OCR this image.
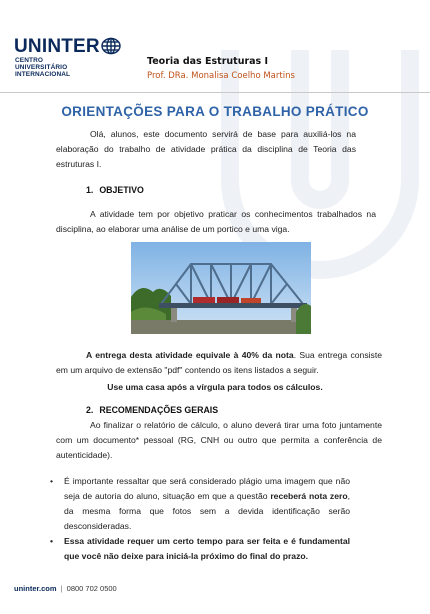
UNINTER
CENTRO
UNIVERSITÁRIO
INTERNACIONAL
Teoria das Estruturas I
Prof. DRa. Monalisa Coelho Martins
ORIENTAÇÕES PARA O TRABALHO PRÁTICO
Olá, alunos, este documento servirá de base para auxiliá-los na elaboração do trabalho de atividade prática da disciplina de Teoria das estruturas I.
1. OBJETIVO
A atividade tem por objetivo praticar os conhecimentos trabalhados na disciplina, ao elaborar uma análise de um portico e uma viga.
A entrega desta atividade equivale à 40% da nota. Sua entrega consiste em um arquivo de extensão "pdf" contendo os itens listados a seguir.
Use uma casa após a vírgula para todos os cálculos.
2. RECOMENDAÇÕES GERAIS
Ao finalizar o relatório de cálculo, o aluno deverá tirar uma foto juntamente com um documento* pessoal (RG, CNH ou outro que permita a conferência de autenticidade).
• É importante ressaltar que será considerado plágio uma imagem que não seja de autoria do aluno, situação em que a questão receberá nota zero, da mesma forma que fotos sem a devida identificação serão desconsideradas.
• Essa atividade requer um certo tempo para ser feita e é fundamental que você não deixe para iniciá-la próximo do final do prazo.
uninter.com | 0800 702 0500
